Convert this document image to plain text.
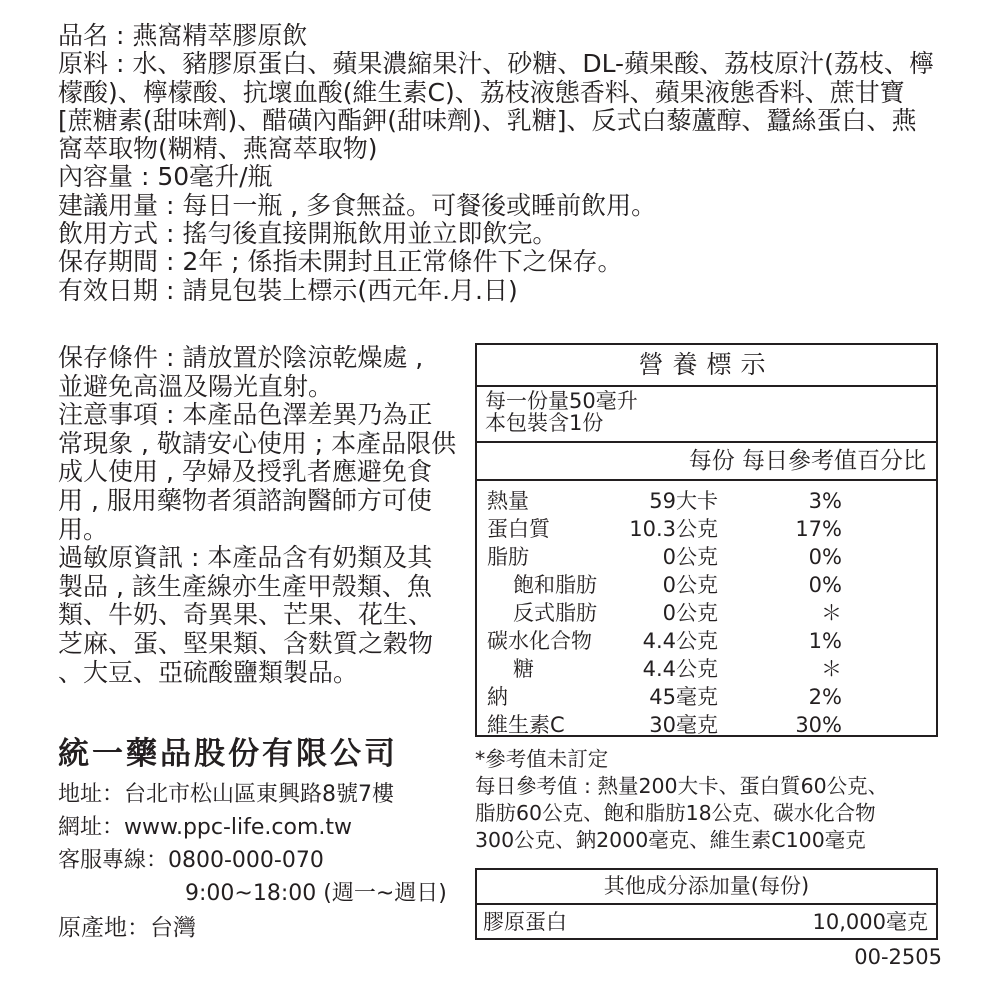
品名 : 燕窩精萃膠原飲
原料 : 水、豬膠原蛋白、蘋果濃縮果汁、砂糖、DL-蘋果酸、荔枝原汁(荔枝、檸檬酸)、檸檬酸、抗壞血酸(維生素C)、荔枝液態香料、蘋果液態香料、蔗甘寶[蔗糖素(甜味劑)、醋磺內酯鉀(甜味劑)、乳糖]、反式白藜蘆醇、蠶絲蛋白、燕窩萃取物(糊精、燕窩萃取物)
內容量 : 50毫升/瓶
建議用量 : 每日一瓶 , 多食無益。可餐後或睡前飲用。
飲用方式 : 搖勻後直接開瓶飲用並立即飲完。
保存期間 : 2年 ; 係指未開封且正常條件下之保存。
有效日期 : 請見包裝上標示(西元年.月.日)
保存條件 : 請放置於陰涼乾燥處 ,
並避免高溫及陽光直射。
注意事項 : 本產品色澤差異乃為正
常現象 , 敬請安心使用 ; 本產品限供
成人使用 , 孕婦及授乳者應避免食
用 , 服用藥物者須諮詢醫師方可使
用。
過敏原資訊 : 本產品含有奶類及其
製品 , 該生產線亦生產甲殼類、魚
類、牛奶、奇異果、芒果、花生、
芝麻、蛋、堅果類、含麩質之穀物
、大豆、亞硫酸鹽類製品。
統一藥品股份有限公司
地址：台北市松山區東興路8號7樓
網址：www.ppc-life.com.tw
客服專線：0800-000-070
9:00~18:00 (週一~週日)
原產地：台灣
營養標示
每一份量50毫升
本包裝含1份
每份 每日參考值百分比
熱量	59大卡	3%
蛋白質	10.3公克	17%
脂肪	0公克	0%
飽和脂肪	0公克	0%
反式脂肪	0公克	＊
碳水化合物 4.4公克	1%
糖	4.4公克	＊
納	45毫克	2%
維生素C	30毫克	30%
*參考值未訂定
每日參考值 : 熱量200大卡、蛋白質60公克、
脂肪60公克、飽和脂肪18公克、碳水化合物
300公克、鈉2000毫克、維生素C100毫克
其他成分添加量(每份)
膠原蛋白	10,000毫克
00-2505
